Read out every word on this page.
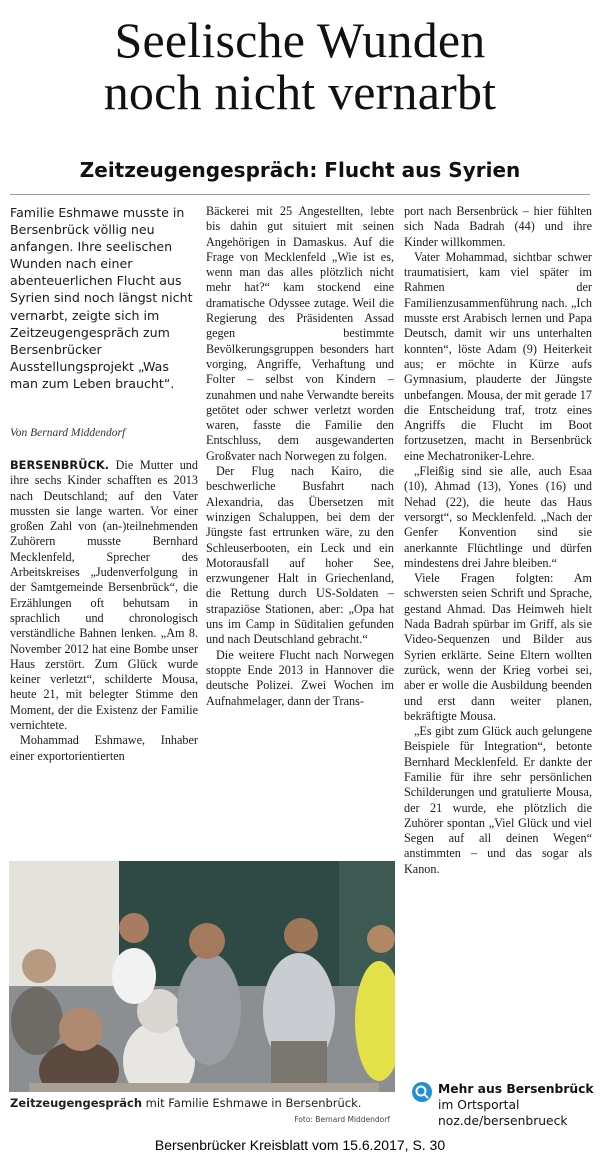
Seelische Wunden
noch nicht vernarbt
Zeitzeugengespräch: Flucht aus Syrien
Familie Eshmawe musste in Bersenbrück völlig neu anfangen. Ihre seelischen Wunden nach einer abenteuerlichen Flucht aus Syrien sind noch längst nicht vernarbt, zeigte sich im Zeitzeugengespräch zum Bersenbrücker Ausstellungsprojekt „Was man zum Leben braucht“.
Von Bernard Middendorf

BERSENBRÜCK. Die Mutter und ihre sechs Kinder schafften es 2013 nach Deutschland; auf den Vater mussten sie lange warten. Vor einer großen Zahl von (an-)teilnehmenden Zuhörern musste Bernhard Mecklenfeld, Sprecher des Arbeitskreises „Judenverfolgung in der Samtgemeinde Bersenbrück“, die Erzählungen oft behutsam in sprachlich und chronologisch verständliche Bahnen lenken. „Am 8. November 2012 hat eine Bombe unser Haus zerstört. Zum Glück wurde keiner verletzt“, schilderte Mousa, heute 21, mit belegter Stimme den Moment, der die Existenz der Familie vernichtete.

Mohammad Eshmawe, Inhaber einer exportorientierten

Bäckerei mit 25 Angestellten, lebte bis dahin gut situiert mit seinen Angehörigen in Damaskus. Auf die Frage von Mecklenfeld „Wie ist es, wenn man das alles plötzlich nicht mehr hat?“ kam stockend eine dramatische Odyssee zutage. Weil die Regierung des Präsidenten Assad gegen bestimmte Bevölkerungsgruppen besonders hart vorging, Angriffe, Verhaftung und Folter – selbst von Kindern – zunahmen und nahe Verwandte bereits getötet oder schwer verletzt worden waren, fasste die Familie den Entschluss, dem ausgewanderten Großvater nach Norwegen zu folgen.

Der Flug nach Kairo, die beschwerliche Busfahrt nach Alexandria, das Übersetzen mit winzigen Schaluppen, bei dem der Jüngste fast ertrunken wäre, zu den Schleuserbooten, ein Leck und ein Motorausfall auf hoher See, erzwungener Halt in Griechenland, die Rettung durch US-Soldaten – strapaziöse Stationen, aber: „Opa hat uns im Camp in Süditalien gefunden und nach Deutschland gebracht.“

Die weitere Flucht nach Norwegen stoppte Ende 2013 in Hannover die deutsche Polizei. Zwei Wochen im Aufnahmelager, dann der Trans-

port nach Bersenbrück – hier fühlten sich Nada Badrah (44) und ihre Kinder willkommen.

Vater Mohammad, sichtbar schwer traumatisiert, kam viel später im Rahmen der Familienzusammenführung nach. „Ich musste erst Arabisch lernen und Papa Deutsch, damit wir uns unterhalten konnten“, löste Adam (9) Heiterkeit aus; er möchte in Kürze aufs Gymnasium, plauderte der Jüngste unbefangen. Mousa, der mit gerade 17 die Entscheidung traf, trotz eines Angriffs die Flucht im Boot fortzusetzen, macht in Bersenbrück eine Mechatroniker-Lehre.

„Fleißig sind sie alle, auch Esaa (10), Ahmad (13), Yones (16) und Nehad (22), die heute das Haus versorgt“, so Mecklenfeld. „Nach der Genfer Konvention sind sie anerkannte Flüchtlinge und dürfen mindestens drei Jahre bleiben.“

Viele Fragen folgten: Am schwersten seien Schrift und Sprache, gestand Ahmad. Das Heimweh hielt Nada Badrah spürbar im Griff, als sie Video-Sequenzen und Bilder aus Syrien erklärte. Seine Eltern wollten zurück, wenn der Krieg vorbei sei, aber er wolle die Ausbildung beenden und erst dann weiter planen, bekräftigte Mousa.

„Es gibt zum Glück auch gelungene Beispiele für Integration“, betonte Bernhard Mecklenfeld. Er dankte der Familie für ihre sehr persönlichen Schilderungen und gratulierte Mousa, der 21 wurde, ehe plötzlich die Zuhörer spontan „Viel Glück und viel Segen auf all deinen Wegen“ anstimmten – und das sogar als Kanon.

Zeitzeugengespräch mit Familie Eshmawe in Bersenbrück.
Foto: Bernard Middendorf
Mehr aus Bersenbrück
im Ortsportal
noz.de/bersenbrueck
Bersenbrücker Kreisblatt vom 15.6.2017, S. 30
